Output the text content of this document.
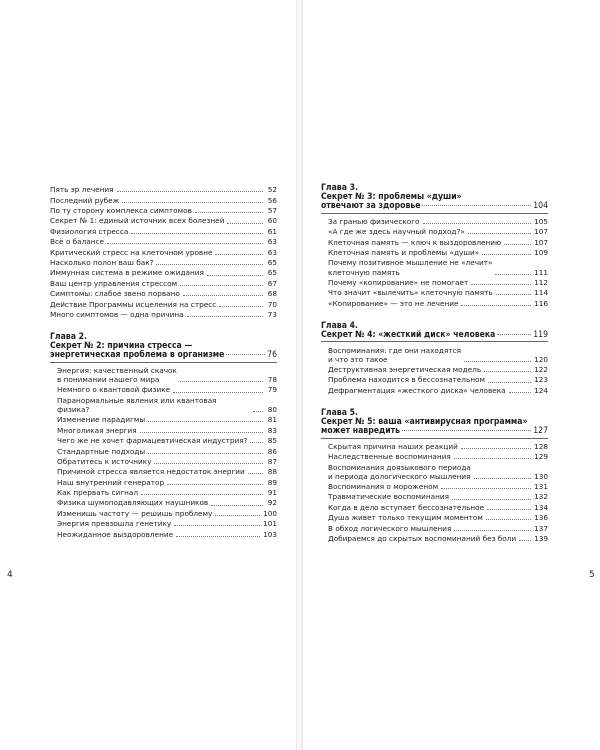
Пять эр лечения	52
Последний рубеж	56
По ту сторону комплекса симптомов	57
Секрет № 1: единый источник всех болезней	60
Физиология стресса	61
Всё о балансе	63
Критический стресс на клеточном уровне	63
Насколько полон ваш бак?	65
Иммунная система в режиме ожидания	65
Ваш центр управления стрессом	67
Симптомы: слабое звено порвано	68
Действие Программы исцеления на стресс	70
Много симптомов — одна причина	73
Глава 2.
Секрет № 2: причина стресса —
энергетическая проблема в организме	76
Энергия: качественный скачок
в понимании нашего мира	78
Немного о квантовой физике	79
Паранормальные явления или квантовая физика?	80
Изменение парадигмы	81
Многоликая энергия	83
Чего же не хочет фармацевтическая индустрия?	85
Стандартные подходы	86
Обратитесь к источнику	87
Причиной стресса является недостаток энергии	88
Наш внутренний генератор	89
Как прервать сигнал	91
Физика шумоподавляющих наушников	92
Изменишь частоту — решишь проблему	100
Энергия превзошла генетику	101
Неожиданное выздоровление	103
4
Глава 3.
Секрет № 3: проблемы «души»
отвечают за здоровье	104
За гранью физического	105
«А где же здесь научный подход?»	107
Клеточная память — ключ к выздоровлению	107
Клеточная память и проблемы «души»	109
Почему позитивное мышление не «лечит»
клеточную память	111
Почему «копирование» не помогает	112
Что значит «вылечить» клеточную память	114
«Копирование» — это не лечение	116
Глава 4.
Секрет № 4: «жесткий диск» человека	119
Воспоминания: где они находятся
и что это такое	120
Деструктивная энергетическая модель	122
Проблема находится в бессознательном	123
Дефрагментация «жесткого диска» человека	124
Глава 5.
Секрет № 5: ваша «антивирусная программа»
может навредить	127
Скрытая причина наших реакций	128
Наследственные воспоминания	129
Воспоминания доязыкового периода
и периода дологического мышления	130
Воспоминания о мороженом	131
Травматические воспоминания	132
Когда в дело вступает бессознательное	134
Душа живет только текущим моментом	136
В обход логического мышления	137
Добираемся до скрытых воспоминаний без боли 139
5
